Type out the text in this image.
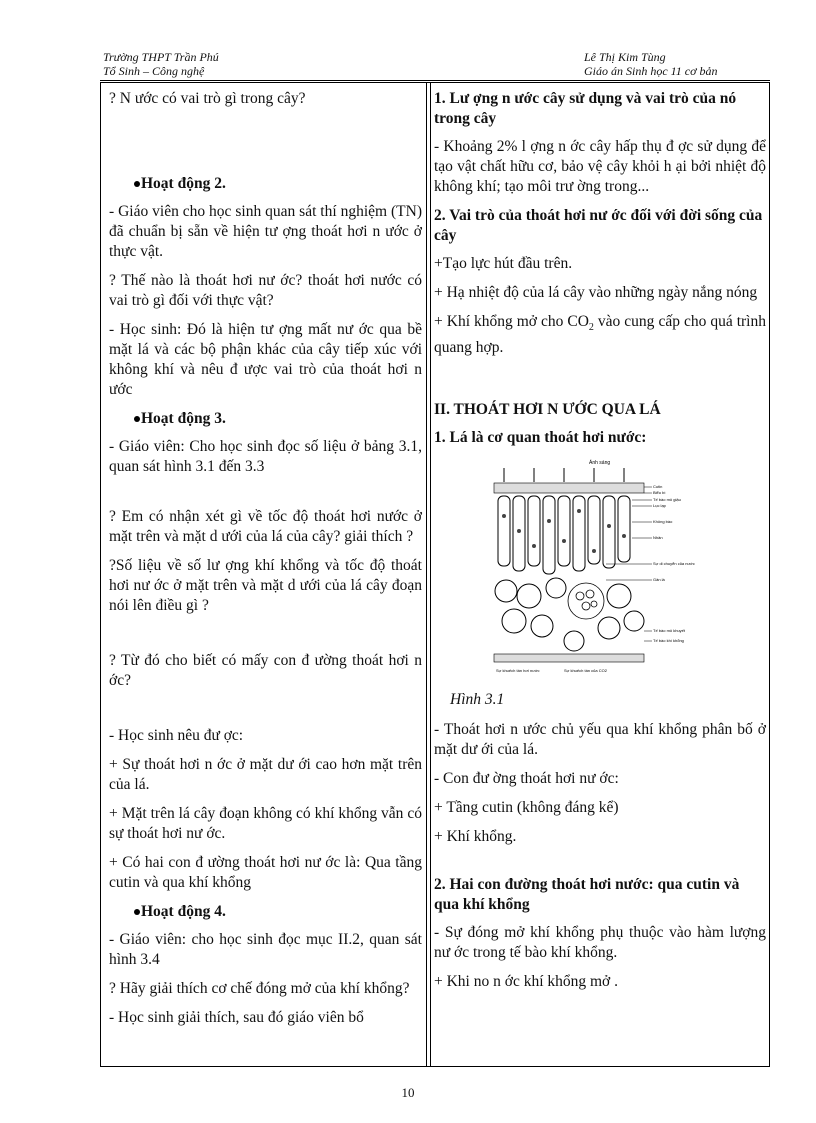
Trường THPT Trần Phú
Tổ Sinh – Công nghệ
Lê Thị Kim Tùng
Giáo án Sinh học 11 cơ bản

? N ước có vai trò gì trong cây?

Hoạt động 2.

- Giáo viên cho học sinh quan sát thí nghiệm (TN) đã chuẩn bị sẵn về hiện tư ợng thoát hơi n ước ở thực vật.

? Thế nào là thoát hơi nư ớc? thoát hơi nước có vai trò gì đối với thực vật?

- Học sinh: Đó là hiện tư ợng mất nư ớc qua bề mặt lá và các bộ phận khác của cây tiếp xúc với không khí và nêu đ ược vai trò của thoát hơi n ước

Hoạt động 3.

- Giáo viên: Cho học sinh đọc số liệu ở bảng 3.1, quan sát hình 3.1 đến 3.3

? Em có nhận xét gì về tốc độ thoát hơi nước ở mặt trên và mặt d ưới của lá của cây? giải thích ?

?Số liệu về số lư ợng khí khổng và tốc độ thoát hơi nư ớc ở mặt trên và mặt d ưới của lá cây đoạn nói lên điều gì ?

? Từ đó cho biết có mấy con đ ường thoát hơi n ớc?

- Học sinh nêu đư ợc:

+ Sự thoát hơi n ớc ở mặt dư ới cao hơn mặt trên của lá.

+ Mặt trên lá cây đoạn không có khí khổng vẫn có sự thoát hơi nư ớc.

+ Có hai con đ ường thoát hơi nư ớc là: Qua tầng cutin và qua khí khổng

Hoạt động 4.

- Giáo viên: cho học sinh đọc mục II.2, quan sát hình 3.4

? Hãy giải thích cơ chế đóng mở của khí khổng?

- Học sinh giải thích, sau đó giáo viên bổ

1. Lư ợng n ước cây sử dụng và vai trò của nó trong cây

- Khoảng 2% l ợng n ớc cây hấp thụ đ ợc sử dụng để tạo vật chất hữu cơ, bảo vệ cây khỏi h ại bởi nhiệt độ không khí; tạo môi trư ờng trong...

2. Vai trò của thoát hơi nư ớc đối với đời sống của cây

+Tạo lực hút đầu trên.

+ Hạ nhiệt độ của lá cây vào những ngày nắng nóng

+ Khí khổng mở cho $CO_2$ vào cung cấp cho quá trình quang hợp.

II. THOÁT HƠI N ƯỚC QUA LÁ
1. Lá là cơ quan thoát hơi nước:
Ánh sáng
Cutin
Biểu bì
Tế bào mô giậu
Lục lạp
Không bào
Nhân
Sự di chuyển của nước
Gân lá
Tế bào mô khuyết
Tế bào khí khổng
Sự khuếch tán hơi nước	Sự khuếch tán của CO2
Hình 3.1

- Thoát hơi n ước chủ yếu qua khí khổng phân bố ở mặt dư ới của lá.

- Con đư ờng thoát hơi nư ớc:

+ Tầng cutin (không đáng kể)

+ Khí khổng.

2. Hai con đường thoát hơi nước: qua cutin và qua khí khổng

- Sự đóng mở khí khổng phụ thuộc vào hàm lượng nư ớc trong tế bào khí khổng.

+ Khi no n ớc khí khổng mở .

10
